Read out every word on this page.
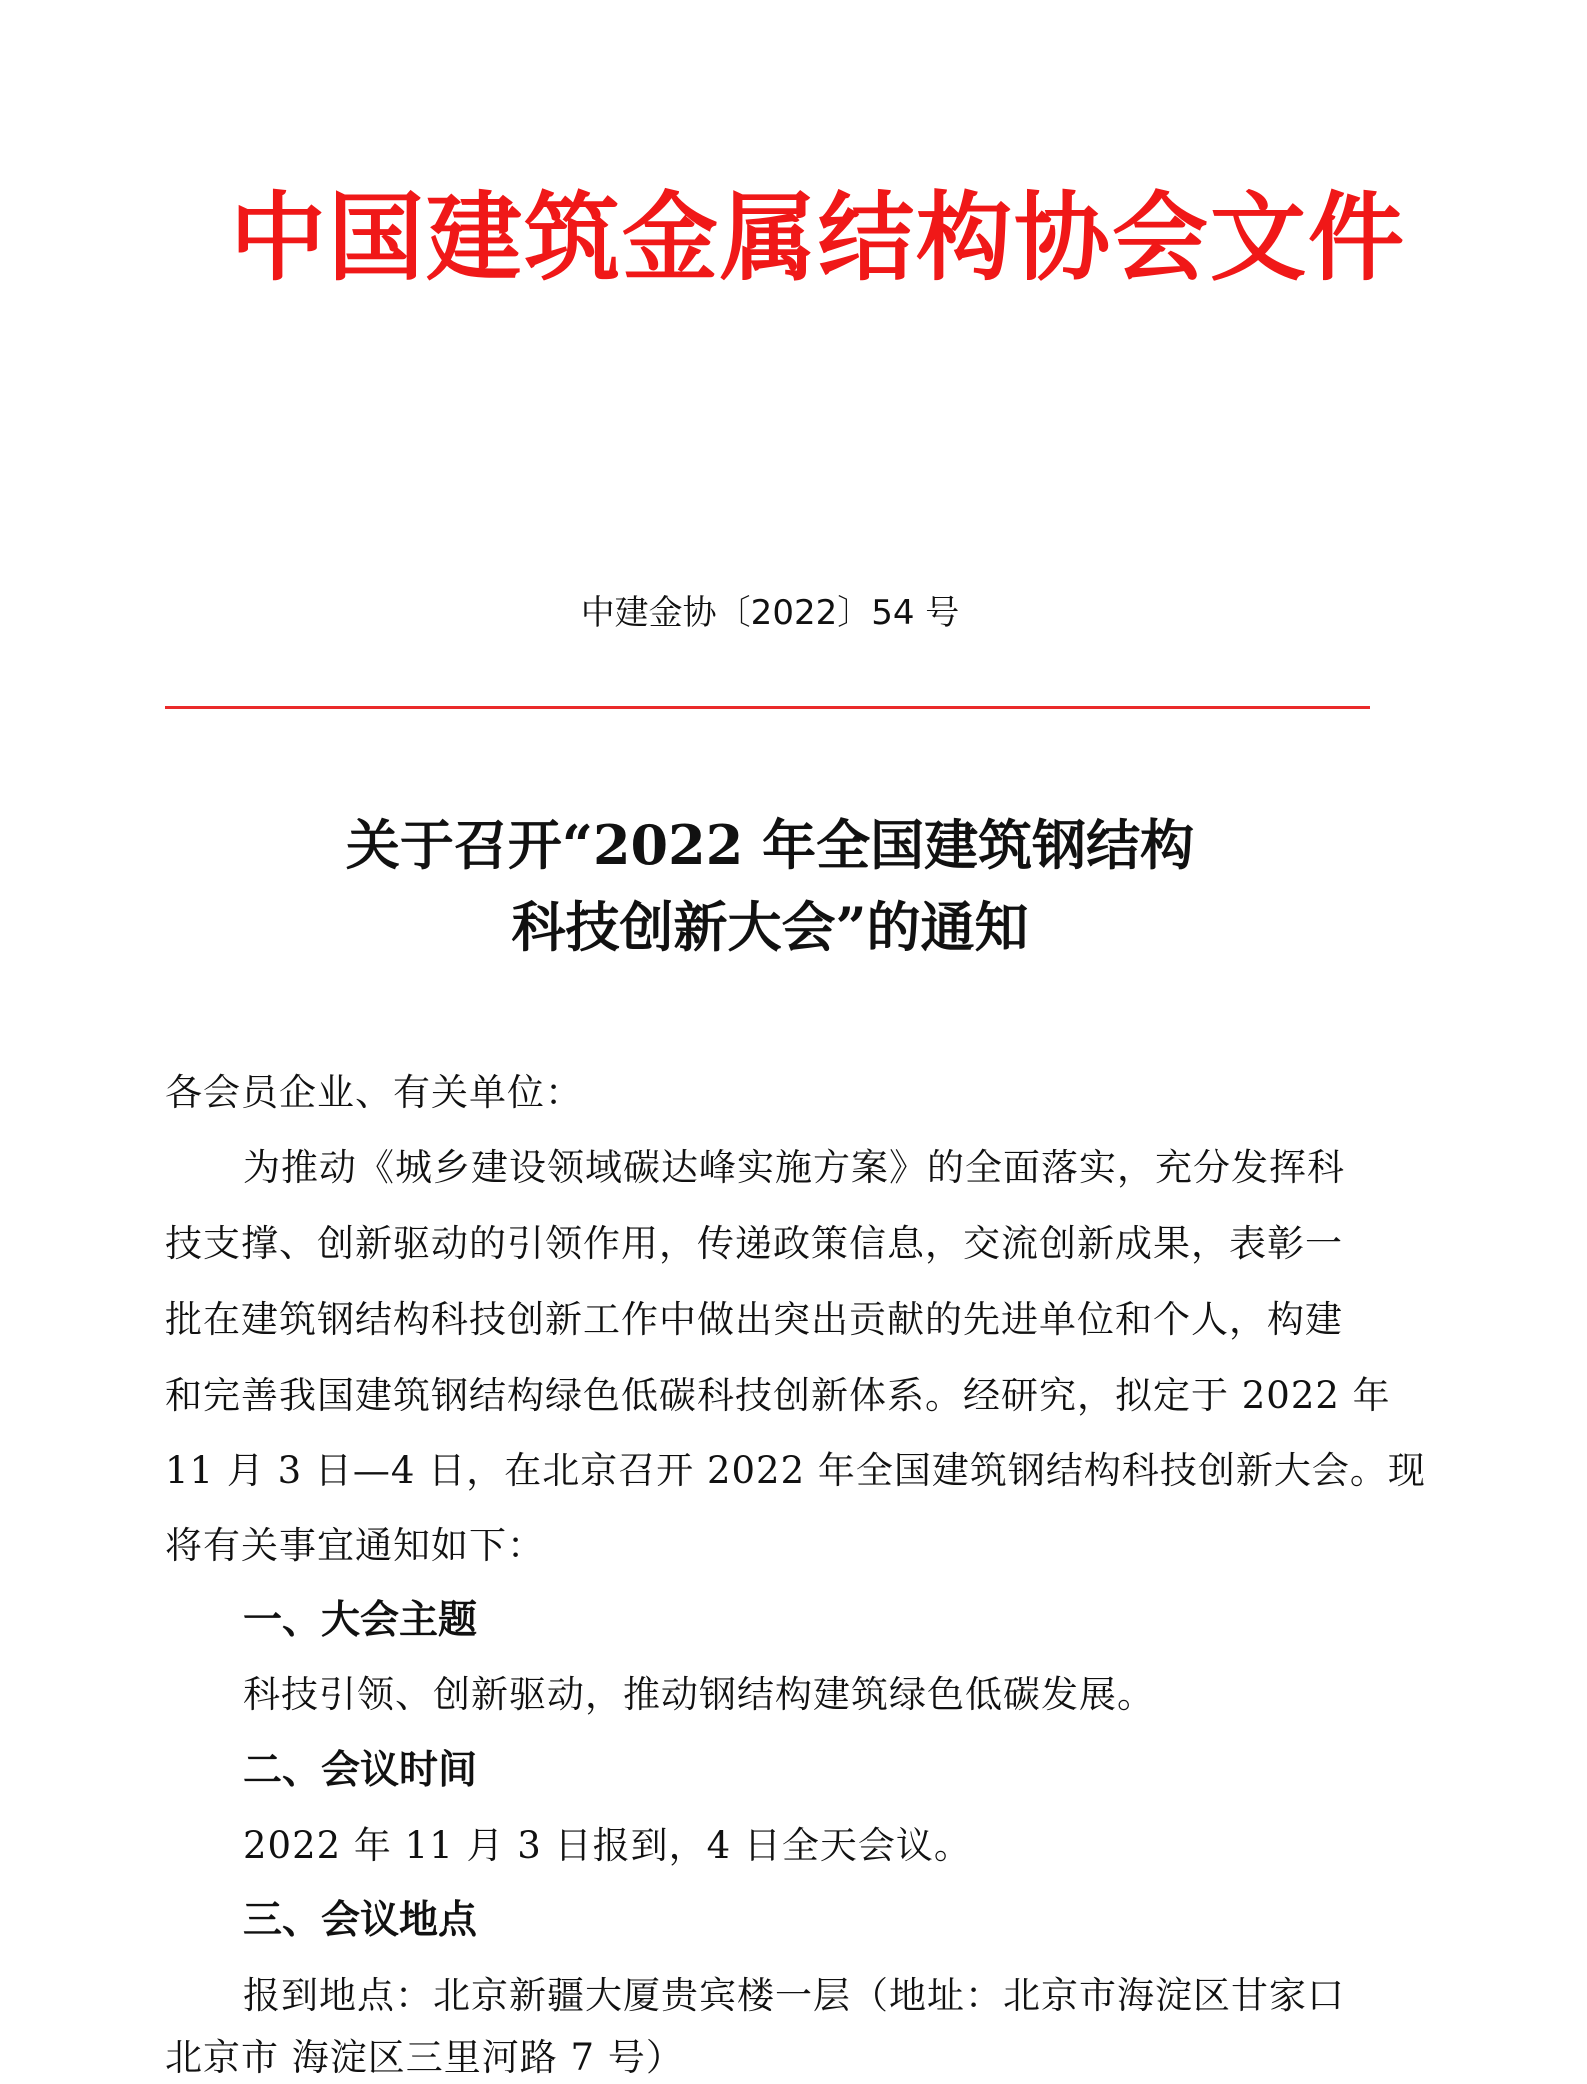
中国建筑金属结构协会文件
中建金协〔2022〕54 号
关于召开“2022 年全国建筑钢结构
科技创新大会”的通知
各会员企业、有关单位：
为推动《城乡建设领域碳达峰实施方案》的全面落实，充分发挥科
技支撑、创新驱动的引领作用，传递政策信息，交流创新成果，表彰一
批在建筑钢结构科技创新工作中做出突出贡献的先进单位和个人，构建
和完善我国建筑钢结构绿色低碳科技创新体系。经研究，拟定于 2022 年
11 月 3 日—4 日，在北京召开 2022 年全国建筑钢结构科技创新大会。现
将有关事宜通知如下：
一、大会主题
科技引领、创新驱动，推动钢结构建筑绿色低碳发展。
二、会议时间
2022 年 11 月 3 日报到，4 日全天会议。
三、会议地点
报到地点：北京新疆大厦贵宾楼一层（地址：北京市海淀区甘家口
北京市 海淀区三里河路 7 号）
